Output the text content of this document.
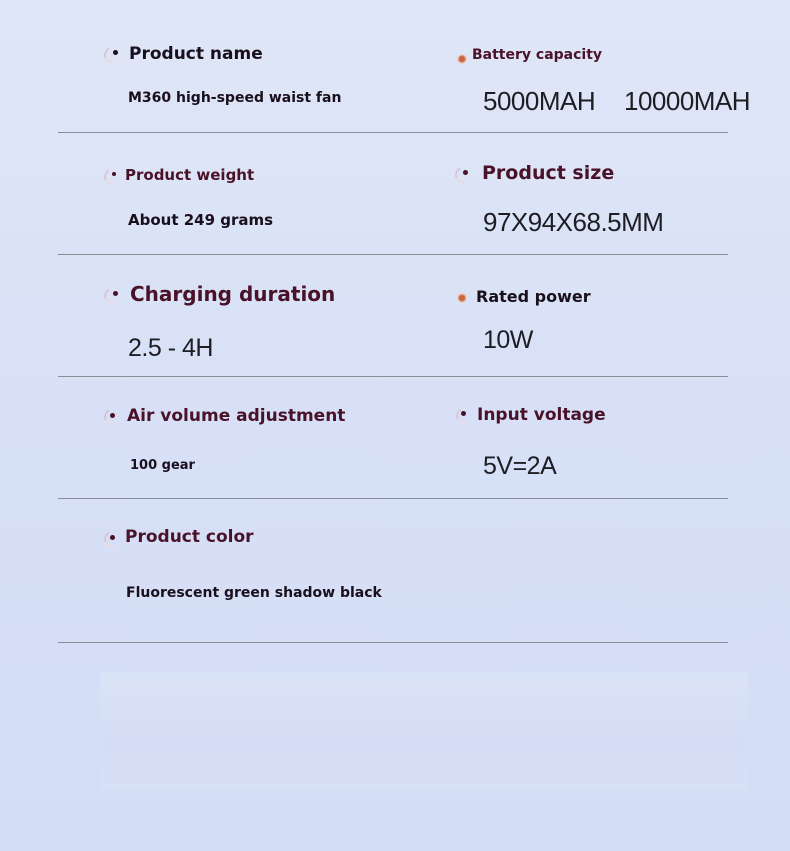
Product name
M360 high-speed waist fan
Battery capacity
5000MAH 10000MAH
Product weight
About 249 grams
Product size
97X94X68.5MM
Charging duration
2.5 - 4H
Rated power
10W
Air volume adjustment
100 gear
Input voltage
5V=2A
Product color
Fluorescent green shadow black
